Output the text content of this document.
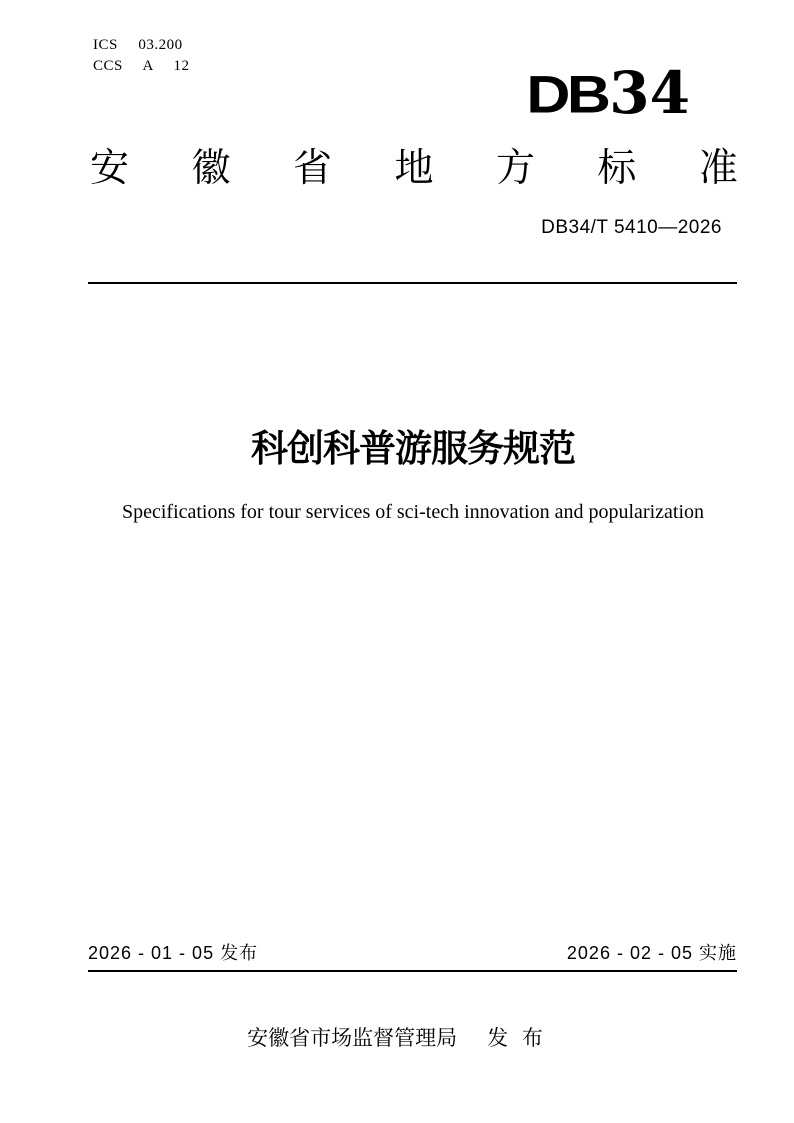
ICS  03.200
CCS  A  12	DB 34
安 徽 省 地 方 标 准
DB34/T 5410—2026
科创科普游服务规范
Specifications for tour services of sci-tech innovation and popularization
2026 - 01 - 05 发布	2026 - 02 - 05 实施
安徽省市场监督管理局 发 布
